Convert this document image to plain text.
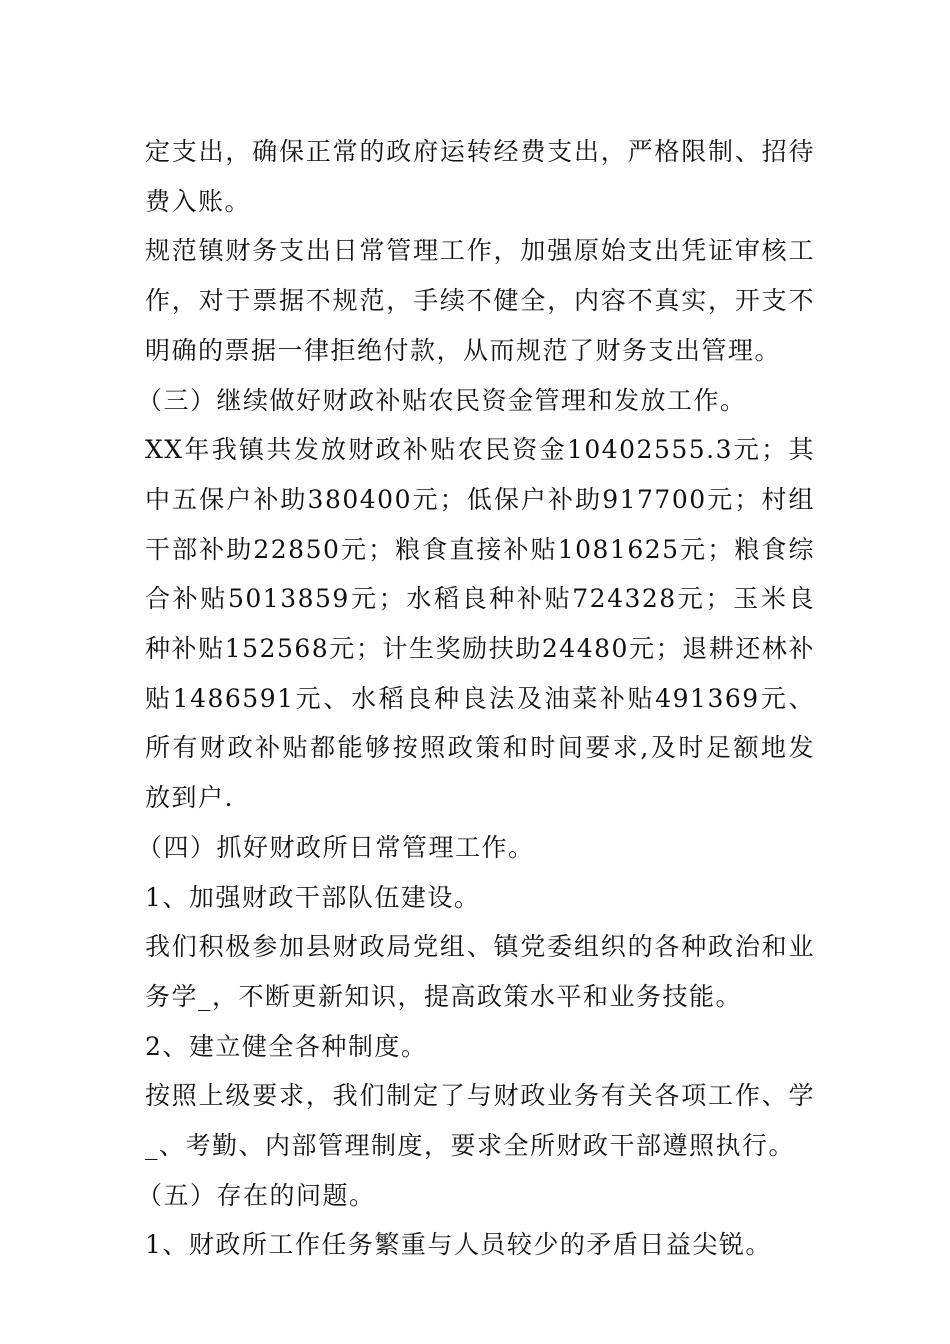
定支出，确保正常的政府运转经费支出，严格限制、招待费入账。

规范镇财务支出日常管理工作，加强原始支出凭证审核工作，对于票据不规范，手续不健全，内容不真实，开支不明确的票据一律拒绝付款，从而规范了财务支出管理。

（三）继续做好财政补贴农民资金管理和发放工作。

XX年我镇共发放财政补贴农民资金10402555.3元；其中五保户补助380400元；低保户补助917700元；村组干部补助22850元；粮食直接补贴1081625元；粮食综合补贴5013859元；水稻良种补贴724328元；玉米良种补贴152568元；计生奖励扶助24480元；退耕还林补贴1486591元、水稻良种良法及油菜补贴491369元、所有财政补贴都能够按照政策和时间要求,及时足额地发放到户.

（四）抓好财政所日常管理工作。

1、加强财政干部队伍建设。

我们积极参加县财政局党组、镇党委组织的各种政治和业务学_，不断更新知识，提高政策水平和业务技能。

2、建立健全各种制度。

按照上级要求，我们制定了与财政业务有关各项工作、学_、考勤、内部管理制度，要求全所财政干部遵照执行。

（五）存在的问题。

1、财政所工作任务繁重与人员较少的矛盾日益尖锐。
